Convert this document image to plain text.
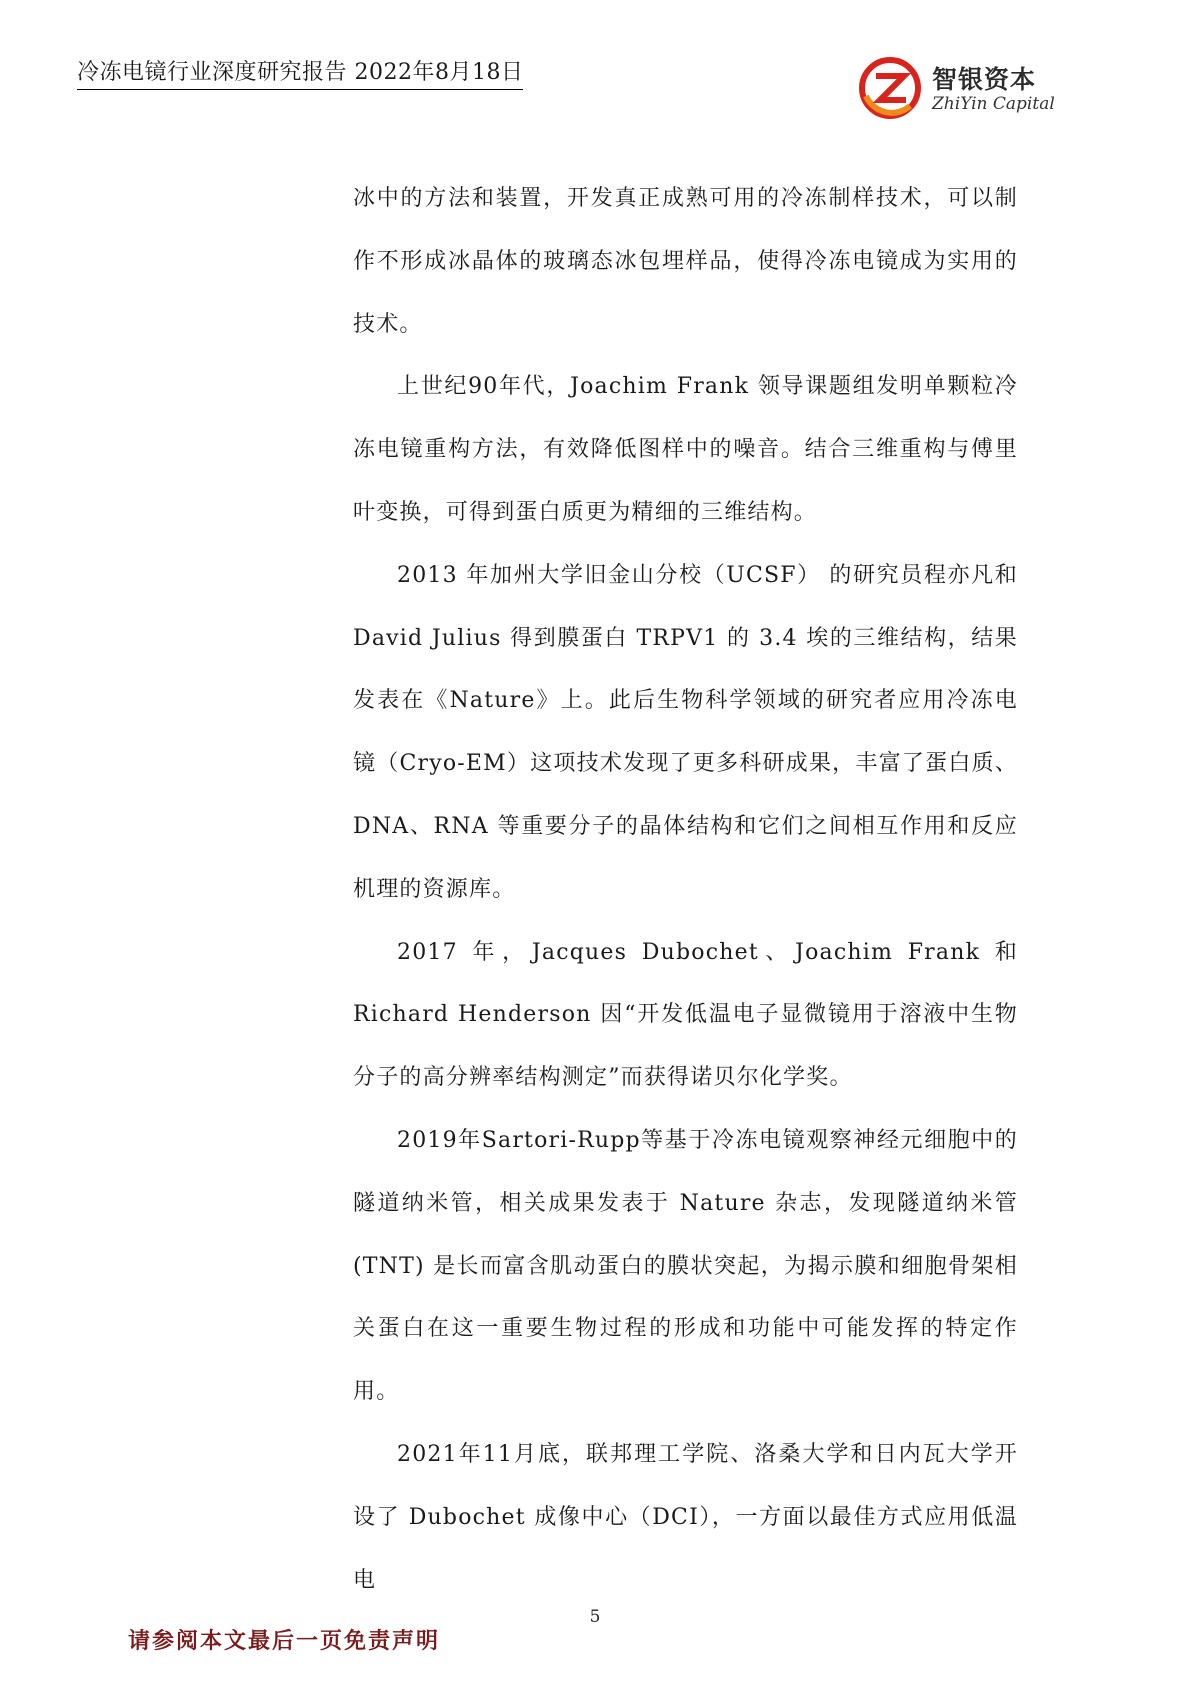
冷冻电镜行业深度研究报告 2022年8月18日	智银资本
ZhiYin Capital

冰中的方法和装置，开发真正成熟可用的冷冻制样技术，可以制作不形成冰晶体的玻璃态冰包埋样品，使得冷冻电镜成为实用的技术。

上世纪90年代，Joachim Frank 领导课题组发明单颗粒冷冻电镜重构方法，有效降低图样中的噪音。结合三维重构与傅里叶变换，可得到蛋白质更为精细的三维结构。

2013 年加州大学旧金山分校（UCSF） 的研究员程亦凡和David Julius 得到膜蛋白 TRPV1 的 3.4 埃的三维结构，结果发表在《Nature》上。此后生物科学领域的研究者应用冷冻电镜（Cryo-EM）这项技术发现了更多科研成果，丰富了蛋白质、DNA、RNA 等重要分子的晶体结构和它们之间相互作用和反应机理的资源库。

2017 年，Jacques Dubochet、Joachim Frank 和 Richard Henderson 因“开发低温电子显微镜用于溶液中生物分子的高分辨率结构测定”而获得诺贝尔化学奖。

2019年Sartori-Rupp等基于冷冻电镜观察神经元细胞中的隧道纳米管，相关成果发表于 Nature 杂志，发现隧道纳米管(TNT) 是长而富含肌动蛋白的膜状突起，为揭示膜和细胞骨架相关蛋白在这一重要生物过程的形成和功能中可能发挥的特定作用。

2021年11月底，联邦理工学院、洛桑大学和日内瓦大学开设了 Dubochet 成像中心（DCI），一方面以最佳方式应用低温电

5
请参阅本文最后一页免责声明
